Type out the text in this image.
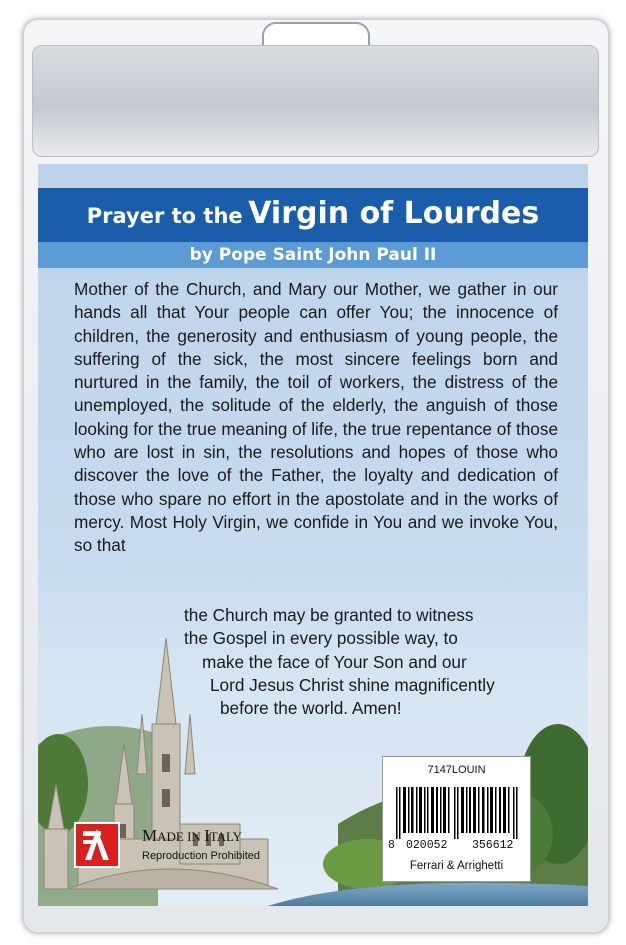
Prayer to the Virgin of Lourdes
by Pope Saint John Paul II

Mother of the Church, and Mary our Mother, we gather in our hands all that Your people can offer You; the innocence of children, the generosity and enthusiasm of young people, the suffering of the sick, the most sincere feelings born and nurtured in the family, the toil of workers, the distress of the unemployed, the solitude of the elderly, the anguish of those looking for the true meaning of life, the true repentance of those who are lost in sin, the resolutions and hopes of those who discover the love of the Father, the loyalty and dedication of those who spare no effort in the apostolate and in the works of mercy. Most Holy Virgin, we confide in You and we invoke You, so that

the Church may be granted to witness
the Gospel in every possible way, to
make the face of Your Son and our
Lord Jesus Christ shine magnificently
before the world. Amen!
MADE IN ITALY
Reproduction Prohibited
7147LOUIN
8 020052 356612
Ferrari & Arrighetti
